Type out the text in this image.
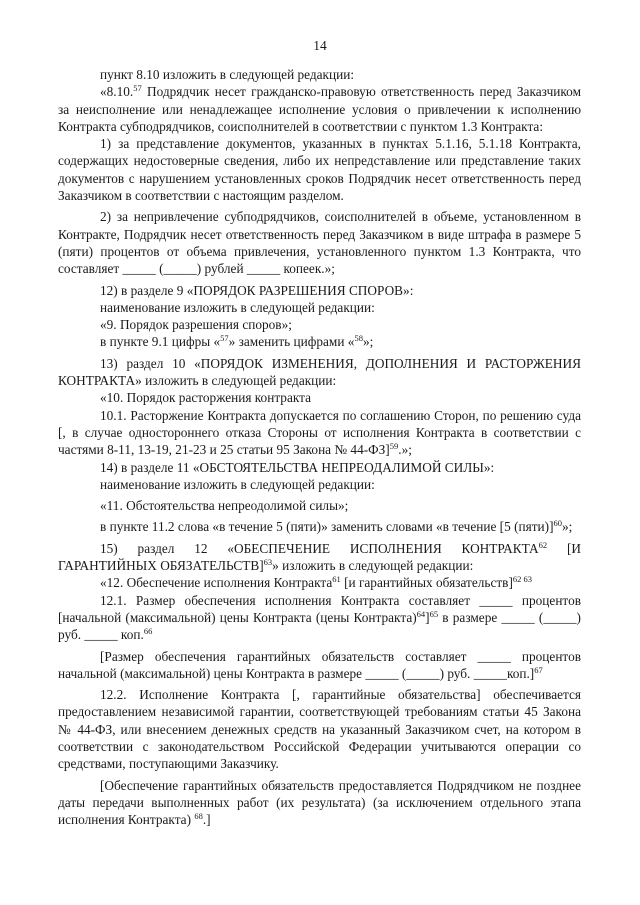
14

пункт 8.10 изложить в следующей редакции:

«8.10.57 Подрядчик несет гражданско-правовую ответственность перед Заказчиком за неисполнение или ненадлежащее исполнение условия о привлечении к исполнению Контракта субподрядчиков, соисполнителей в соответствии с пунктом 1.3 Контракта:

1) за представление документов, указанных в пунктах 5.1.16, 5.1.18 Контракта, содержащих недостоверные сведения, либо их непредставление или представление таких документов с нарушением установленных сроков Подрядчик несет ответственность перед Заказчиком в соответствии с настоящим разделом.

2) за непривлечение субподрядчиков, соисполнителей в объеме, установленном в Контракте, Подрядчик несет ответственность перед Заказчиком в виде штрафа в размере 5 (пяти) процентов от объема привлечения, установленного пунктом 1.3 Контракта, что составляет _____ (_____) рублей _____ копеек.»;

12) в разделе 9 «ПОРЯДОК РАЗРЕШЕНИЯ СПОРОВ»:

наименование изложить в следующей редакции:

«9. Порядок разрешения споров»;

в пункте 9.1 цифры «$^{57}$» заменить цифрами «$^{58}$»;

13) раздел 10 «ПОРЯДОК ИЗМЕНЕНИЯ, ДОПОЛНЕНИЯ И РАСТОРЖЕНИЯ КОНТРАКТА» изложить в следующей редакции:

«10. Порядок расторжения контракта

10.1. Расторжение Контракта допускается по соглашению Сторон, по решению суда [, в случае одностороннего отказа Стороны от исполнения Контракта в соответствии с частями 8-11, 13-19, 21-23 и 25 статьи 95 Закона № 44-ФЗ]$^{59}$.»;

14) в разделе 11 «ОБСТОЯТЕЛЬСТВА НЕПРЕОДАЛИМОЙ СИЛЫ»:

наименование изложить в следующей редакции:

«11. Обстоятельства непреодолимой силы»;

в пункте 11.2 слова «в течение 5 (пяти)» заменить словами «в течение [5 (пяти)]$^{60}$»;

15) раздел 12 «ОБЕСПЕЧЕНИЕ ИСПОЛНЕНИЯ КОНТРАКТА$^{62}$ [И ГАРАНТИЙНЫХ ОБЯЗАТЕЛЬСТВ]$^{63}$» изложить в следующей редакции:

«12. Обеспечение исполнения Контракта$^{61}$ [и гарантийных обязательств]$^{62 63}$

12.1. Размер обеспечения исполнения Контракта составляет _____ процентов [начальной (максимальной) цены Контракта (цены Контракта)$^{64}$]$^{65}$ в размере _____ (_____) руб. _____ коп.$^{66}$

[Размер обеспечения гарантийных обязательств составляет _____ процентов начальной (максимальной) цены Контракта в размере _____ (_____) руб. _____коп.]$^{67}$

12.2. Исполнение Контракта [, гарантийные обязательства] обеспечивается предоставлением независимой гарантии, соответствующей требованиям статьи 45 Закона № 44-ФЗ, или внесением денежных средств на указанный Заказчиком счет, на котором в соответствии с законодательством Российской Федерации учитываются операции со средствами, поступающими Заказчику.

[Обеспечение гарантийных обязательств предоставляется Подрядчиком не позднее даты передачи выполненных работ (их результата) (за исключением отдельного этапа исполнения Контракта) $^{68}$.]
